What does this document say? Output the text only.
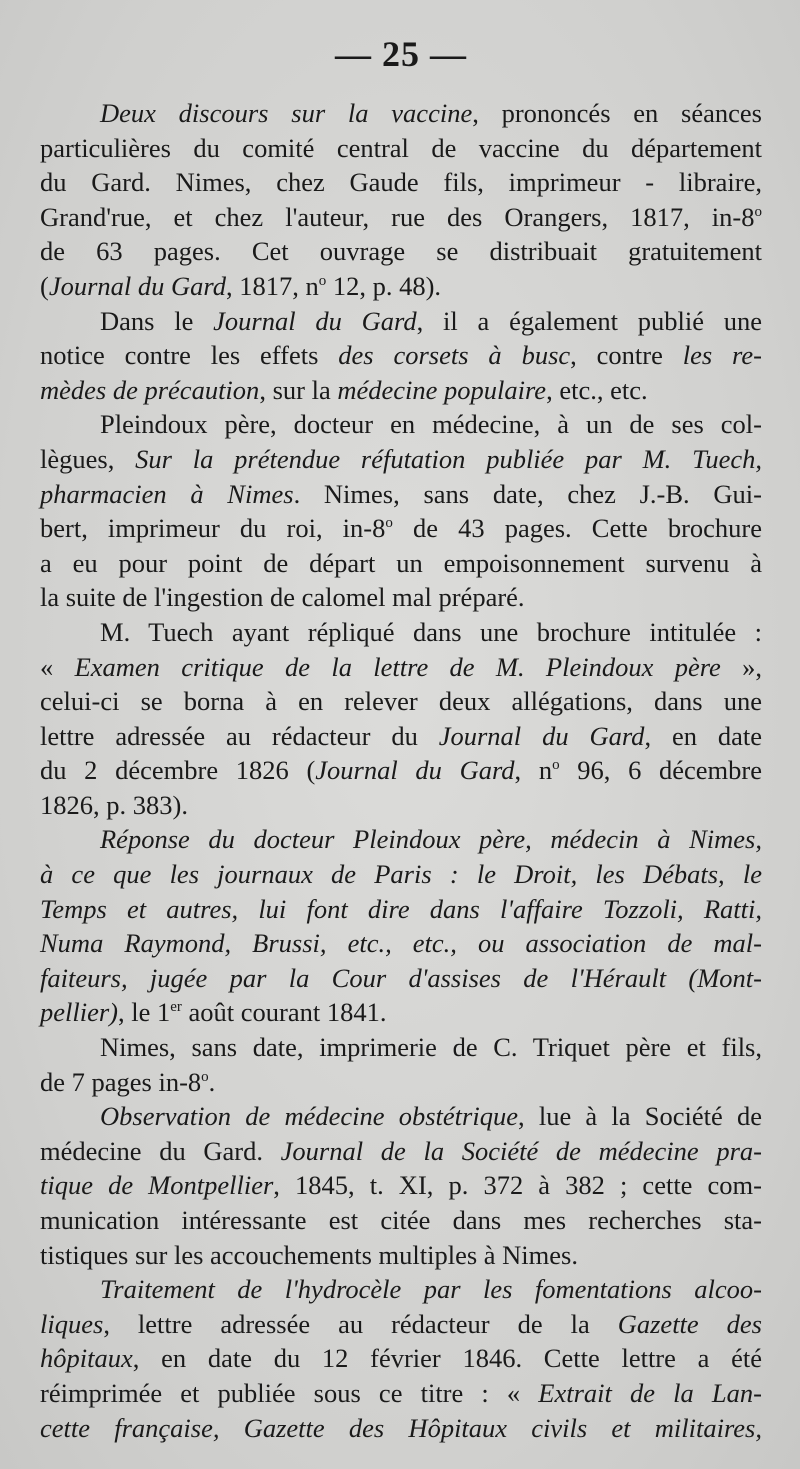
— 25 —
Deux discours sur la vaccine, prononcés en séances
particulières du comité central de vaccine du département
du Gard. Nimes, chez Gaude fils, imprimeur - libraire,
Grand'rue, et chez l'auteur, rue des Orangers, 1817, in-8$^o$
de 63 pages. Cet ouvrage se distribuait gratuitement
(Journal du Gard, 1817, $n^o$ 12, p. 48).
Dans le Journal du Gard, il a également publié une
notice contre les effets des corsets à busc, contre les re-
mèdes de précaution, sur la médecine populaire, etc., etc.
Pleindoux père, docteur en médecine, à un de ses col-
lègues, Sur la prétendue réfutation publiée par M. Tuech,
pharmacien à Nimes. Nimes, sans date, chez J.-B. Gui-
bert, imprimeur du roi, in-8$^o$ de 43 pages. Cette brochure
a eu pour point de départ un empoisonnement survenu à
la suite de l'ingestion de calomel mal préparé.
M. Tuech ayant répliqué dans une brochure intitulée :
« Examen critique de la lettre de M. Pleindoux père »,
celui-ci se borna à en relever deux allégations, dans une
lettre adressée au rédacteur du Journal du Gard, en date
du 2 décembre 1826 (Journal du Gard, $n^o$ 96, 6 décembre
1826, p. 383).
Réponse du docteur Pleindoux père, médecin à Nimes,
à ce que les journaux de Paris : le Droit, les Débats, le
Temps et autres, lui font dire dans l'affaire Tozzoli, Ratti,
Numa Raymond, Brussi, etc., etc., ou association de mal-
faiteurs, jugée par la Cour d'assises de l'Hérault (Mont-
pellier), le 1er août courant 1841.
Nimes, sans date, imprimerie de C. Triquet père et fils,
de 7 pages in-8$^o$.
Observation de médecine obstétrique, lue à la Société de
médecine du Gard. Journal de la Société de médecine pra-
tique de Montpellier, 1845, t. XI, p. 372 à 382 ; cette com-
munication intéressante est citée dans mes recherches sta-
tistiques sur les accouchements multiples à Nimes.
Traitement de l'hydrocèle par les fomentations alcoo-
liques, lettre adressée au rédacteur de la Gazette des
hôpitaux, en date du 12 février 1846. Cette lettre a été
réimprimée et publiée sous ce titre : « Extrait de la Lan-
cette française, Gazette des Hôpitaux civils et militaires,
